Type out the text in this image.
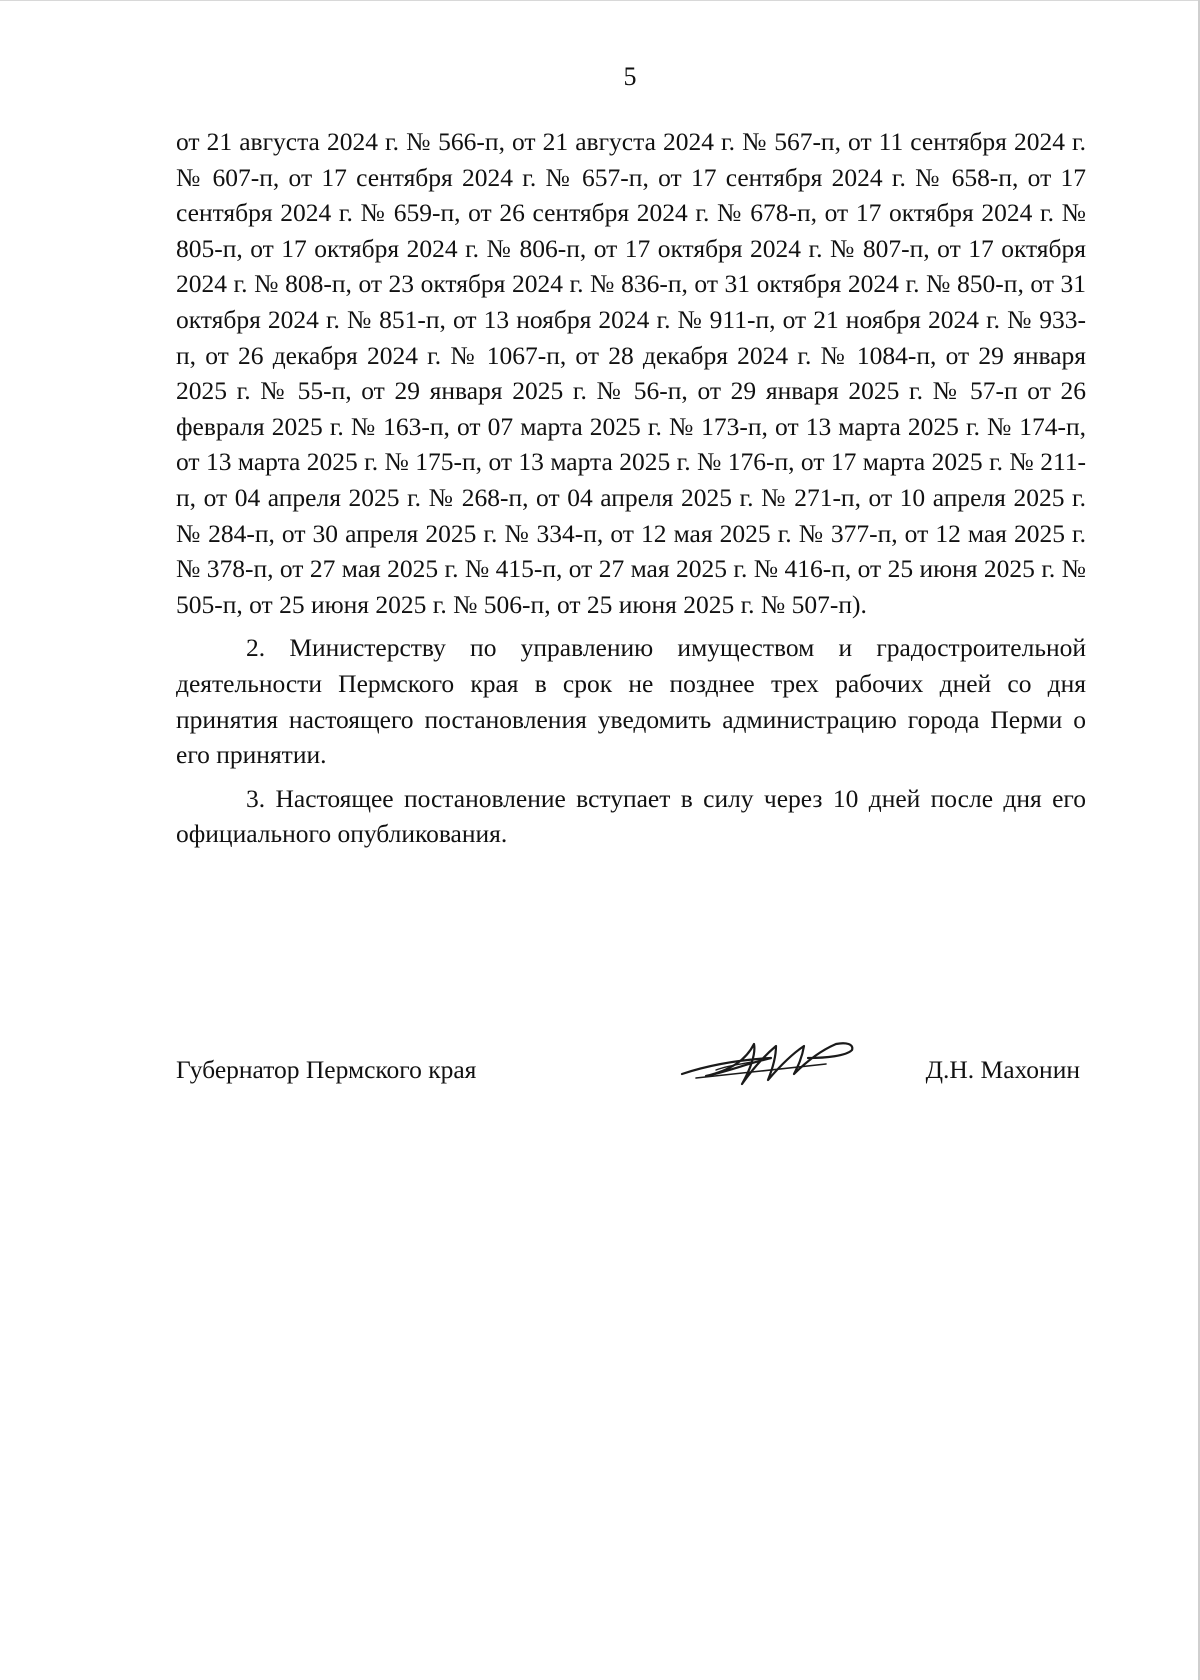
5

от 21 августа 2024 г. № 566-п, от 21 августа 2024 г. № 567-п, от 11 сентября 2024 г. № 607-п, от 17 сентября 2024 г. № 657-п, от 17 сентября 2024 г. № 658-п, от 17 сентября 2024 г. № 659-п, от 26 сентября 2024 г. № 678-п, от 17 октября 2024 г. № 805-п, от 17 октября 2024 г. № 806-п, от 17 октября 2024 г. № 807-п, от 17 октября 2024 г. № 808-п, от 23 октября 2024 г. № 836-п, от 31 октября 2024 г. № 850-п, от 31 октября 2024 г. № 851-п, от 13 ноября 2024 г. № 911-п, от 21 ноября 2024 г. № 933-п, от 26 декабря 2024 г. № 1067-п, от 28 декабря 2024 г. № 1084-п, от 29 января 2025 г. № 55-п, от 29 января 2025 г. № 56-п, от 29 января 2025 г. № 57-п от 26 февраля 2025 г. № 163-п, от 07 марта 2025 г. № 173-п, от 13 марта 2025 г. № 174-п, от 13 марта 2025 г. № 175-п, от 13 марта 2025 г. № 176-п, от 17 марта 2025 г. № 211-п, от 04 апреля 2025 г. № 268-п, от 04 апреля 2025 г. № 271-п, от 10 апреля 2025 г. № 284-п, от 30 апреля 2025 г. № 334-п, от 12 мая 2025 г. № 377-п, от 12 мая 2025 г. № 378-п, от 27 мая 2025 г. № 415-п, от 27 мая 2025 г. № 416-п, от 25 июня 2025 г. № 505-п, от 25 июня 2025 г. № 506-п, от 25 июня 2025 г. № 507-п).

2. Министерству по управлению имуществом и градостроительной деятельности Пермского края в срок не позднее трех рабочих дней со дня принятия настоящего постановления уведомить администрацию города Перми о его принятии.

3. Настоящее постановление вступает в силу через 10 дней после дня его официального опубликования.

Губернатор Пермского края	Д.Н. Махонин
